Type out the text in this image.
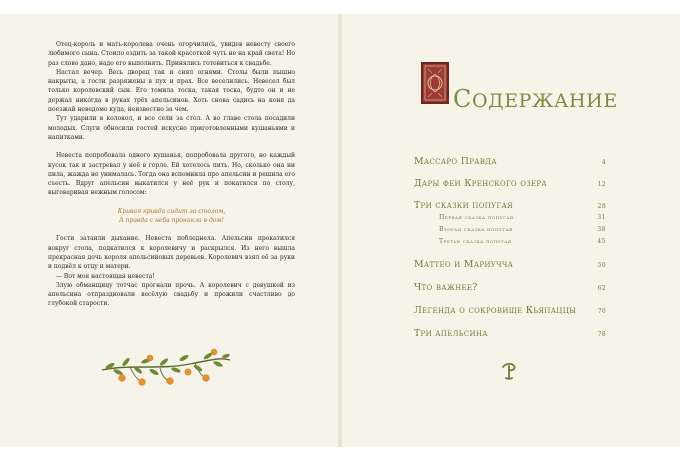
Отец-король и мать-королева очень огорчились, увидев невесту своего любимого сына. Стоило ездить за такой красоткой чуть не на край света! Но раз слово дано, надо его выполнять. Принялись готовиться к свадьбе.

Настал вечер. Весь дворец так и сиял огнями. Столы были пышно накрыты, а гости разряжены в пух и прах. Все веселились. Невесел был только королевский сын. Его томила тоска, такая тоска, будто он и не держал никогда в руках трёх апельсинов. Хоть снова садись на коня да поезжай неведомо куда, неизвестно за чем.

Тут ударили в колокол, и все сели за стол. А во главе стола посадили молодых. Слуги обносили гостей искусно приготовленными кушаньями и напитками.

Невеста попробовала одного кушанья, попробовала другого, но каждый кусок так и застревал у неё в горле. Ей хотелось пить. Но, сколько она ни пила, жажда не унималась. Тогда она вспомнила про апельсин и решила его съесть. Вдруг апельсин выкатился у неё рук и покатился по столу, выговаривая нежным голосом:

Кривая кривда сидит за столом,
А правда с неба проникла в дом!

Гости затаили дыхание. Невеста побледнела. Апельсин прокатился вокруг стола, подкатился к королевичу и раскрылся. Из него вышла прекрасная дочь короля апельсиновых деревьев. Королевич взял её за руки и подвёл к отцу и матери.

— Вот моя настоящая невеста!

Злую обманщицу тотчас прогнали прочь. А королевич с девушкой из апельсина отпраздновали весёлую свадьбу и прожили счастливо до глубокой старости.

СОДЕРЖАНИЕ
Массаро Правда	4
Дары феи Кренского озера	12
Три сказки попугая	28
Первая сказка попугая	31
Вторая сказка попугая	38
Третья сказка попугая	45
Маттео и Мариучча	50
Что важнее?	62
Легенда о сокровище Кьяпаццы	70
Три апельсина	78
